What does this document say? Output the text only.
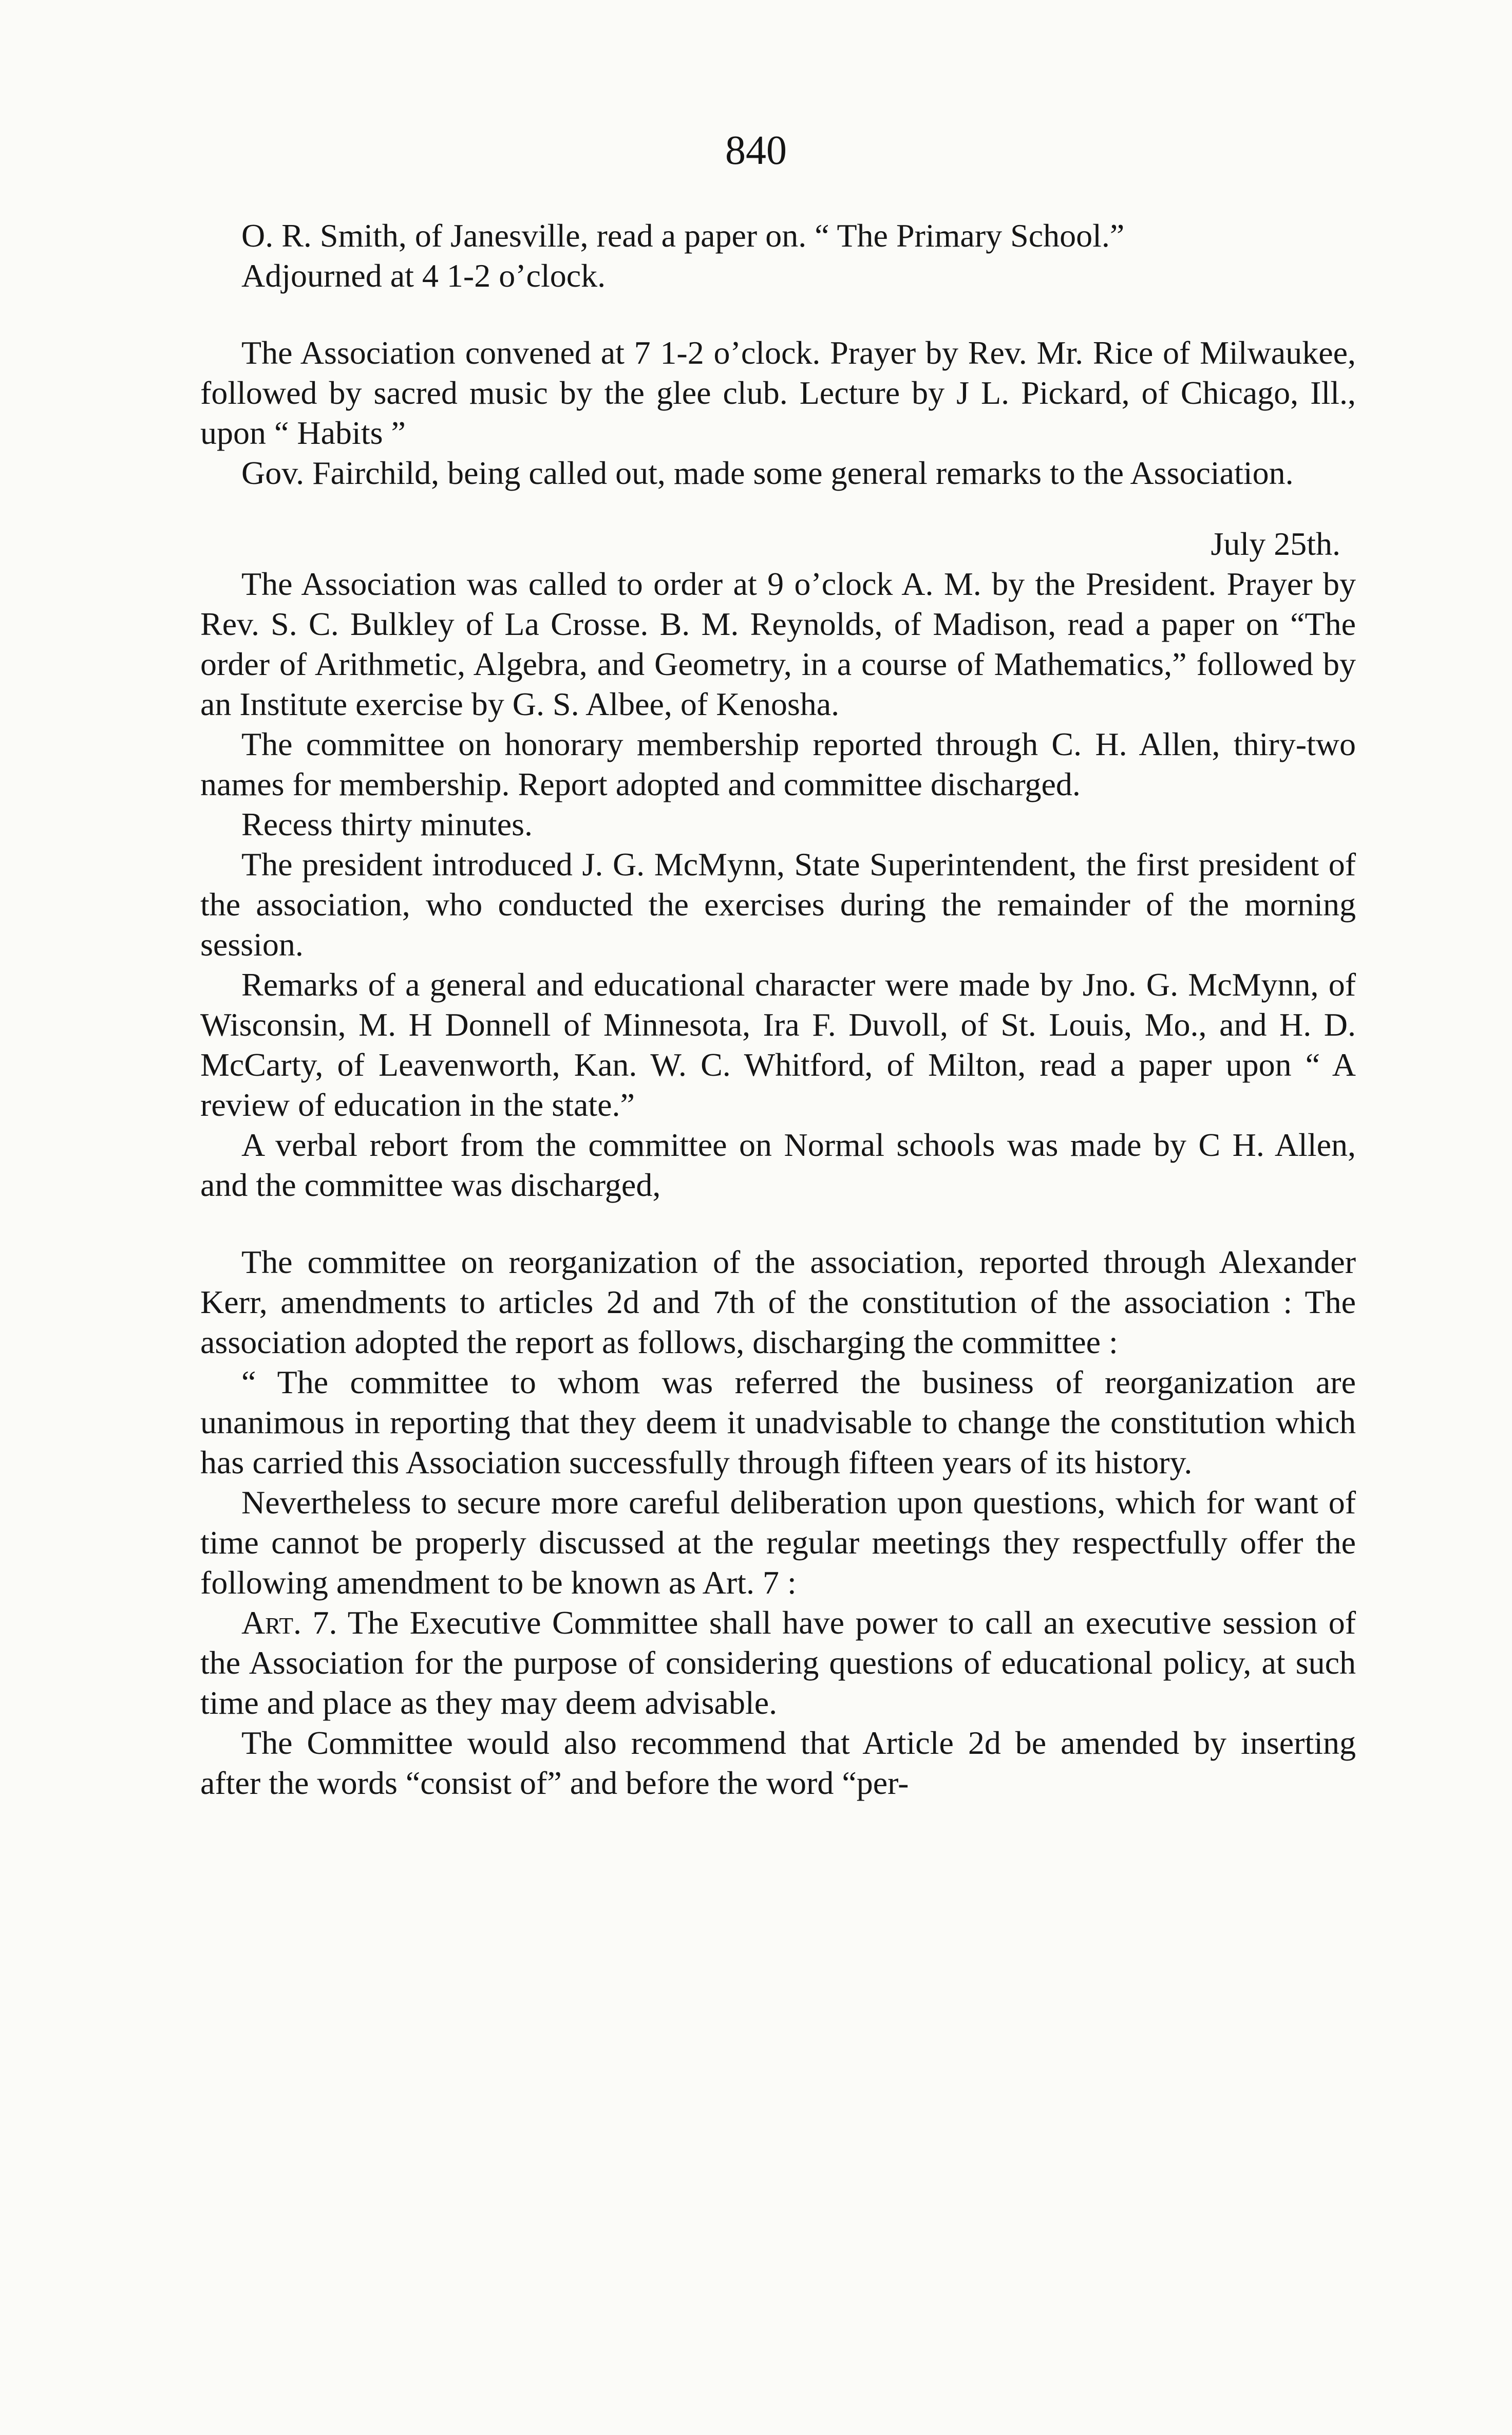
840

O. R. Smith, of Janesville, read a paper on. “ The Primary School.”

Adjourned at 4 1-2 o’clock.

The Association convened at 7 1-2 o’clock. Prayer by Rev. Mr. Rice of Milwaukee, followed by sacred music by the glee club. Lecture by J L. Pickard, of Chicago, Ill., upon “ Habits ”

Gov. Fairchild, being called out, made some general remarks to the Association.

July 25th.

The Association was called to order at 9 o’clock A. M. by the President. Prayer by Rev. S. C. Bulkley of La Crosse. B. M. Reynolds, of Madison, read a paper on “The order of Arithmetic, Algebra, and Geometry, in a course of Mathematics,” followed by an Institute exercise by G. S. Albee, of Kenosha.

The committee on honorary membership reported through C. H. Allen, thiry-two names for membership. Report adopted and committee discharged.

Recess thirty minutes.

The president introduced J. G. McMynn, State Superintendent, the first president of the association, who conducted the exercises during the remainder of the morning session.

Remarks of a general and educational character were made by Jno. G. McMynn, of Wisconsin, M. H Donnell of Minnesota, Ira F. Duvoll, of St. Louis, Mo., and H. D. McCarty, of Leavenworth, Kan. W. C. Whitford, of Milton, read a paper upon “ A review of education in the state.”

A verbal rebort from the committee on Normal schools was made by C H. Allen, and the committee was discharged,

The committee on reorganization of the association, reported through Alexander Kerr, amendments to articles 2d and 7th of the constitution of the association : The association adopted the report as follows, discharging the committee :

“ The committee to whom was referred the business of reorganization are unanimous in reporting that they deem it unadvisable to change the constitution which has carried this Association successfully through fifteen years of its history.

Nevertheless to secure more careful deliberation upon questions, which for want of time cannot be properly discussed at the regular meetings they respectfully offer the following amendment to be known as Art. 7 :

Art. 7. The Executive Committee shall have power to call an executive session of the Association for the purpose of considering questions of educational policy, at such time and place as they may deem advisable.

The Committee would also recommend that Article 2d be amended by inserting after the words “consist of” and before the word “per-
